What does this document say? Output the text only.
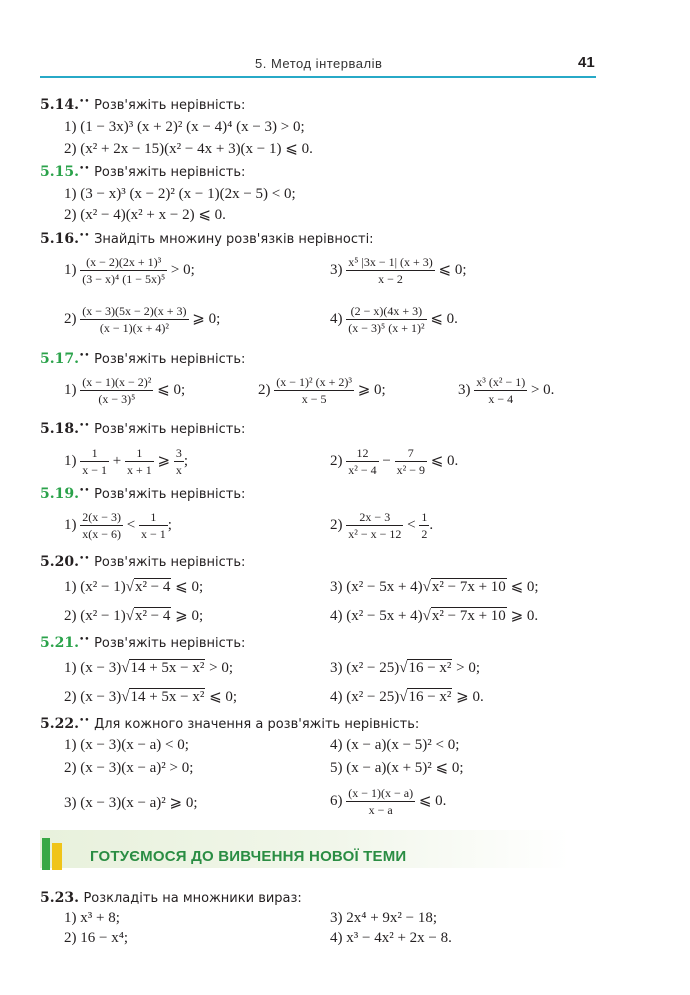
5. Метод інтервалів	41
5.14.•• Розв'яжіть нерівність:
1) (1 − 3x)³ (x + 2)² (x − 4)⁴ (x − 3) > 0;
2) (x² + 2x − 15)(x² − 4x + 3)(x − 1) ⩽ 0.
5.15.•• Розв'яжіть нерівність:
1) (3 − x)³ (x − 2)² (x − 1)(2x − 5) < 0;
2) (x² − 4)(x² + x − 2) ⩽ 0.
5.16.•• Знайдіть множину розв'язків нерівності:
$1) \frac{\text{(x − 2)(2x + 1)³}}{\text{(3 − x)⁴ (1 − 5x)⁵}} > 0$;	$3) \frac{\text{x⁵ |3x − 1| (x + 3)}}{x - 2}$ ⩽ 0;
$2) \frac{(x - 3)(5x - 2)(x + 3)}{\text{(x − 1)(x + 4)²}}$ ⩾ 0;	$4) \frac{(2 - x)(4x + 3)}{\text{(x − 3)⁵ (x + 1)²}}$ ⩽ 0.
5.17.•• Розв'яжіть нерівність:
$1) \frac{\text{(x − 1)(x − 2)²}}{\text{(x − 3)⁵}}$ ⩽ 0;	$2) \frac{\text{(x − 1)² (x + 2)³}}{x - 5}$ ⩾ 0;	$3) \frac{\text{x³ (x² − 1)}}{x - 4} > 0$.
5.18.•• Розв'яжіть нерівність:
$1) \frac{1}{x - 1} + \frac{1}{x + 1}$ ⩾ $\frac{3}{x}$ ;	$2) \frac{12}{\text{x² − 4}} - \frac{7}{\text{x² − 9}}$ ⩽ 0.
5.19.•• Розв'яжіть нерівність:
$1) \frac{2(x - 3)}{x(x - 6)} < \frac{1}{x - 1}$ ;	$2) \frac{2x - 3}{\text{x² − x − 12}} < \frac{1}{2}$ .
5.20.•• Розв'яжіть нерівність:
1) (x² − 1)√x² − 4 ⩽ 0;	3) (x² − 5x + 4)√x² − 7x + 10 ⩽ 0;
2) (x² − 1)√x² − 4 ⩾ 0;	4) (x² − 5x + 4)√x² − 7x + 10 ⩾ 0.
5.21.•• Розв'яжіть нерівність:
1) (x − 3)√14 + 5x − x² > 0;	3) (x² − 25)√16 − x² > 0;
2) (x − 3)√14 + 5x − x² ⩽ 0;	4) (x² − 25)√16 − x² ⩾ 0.
5.22.•• Для кожного значення a розв'яжіть нерівність:
1) (x − 3)(x − a) < 0;	4) (x − a)(x − 5)² < 0;
2) (x − 3)(x − a)² > 0;	5) (x − a)(x + 5)² ⩽ 0;
3) (x − 3)(x − a)² ⩾ 0;	$6) \frac{(x - 1)(x - a)}{x - a}$ ⩽ 0.
ГОТУЄМОСЯ ДО ВИВЧЕННЯ НОВОЇ ТЕМИ
5.23. Розкладіть на множники вираз:
1) x³ + 8;	3) 2x⁴ + 9x² − 18;
2) 16 − x⁴;	4) x³ − 4x² + 2x − 8.
